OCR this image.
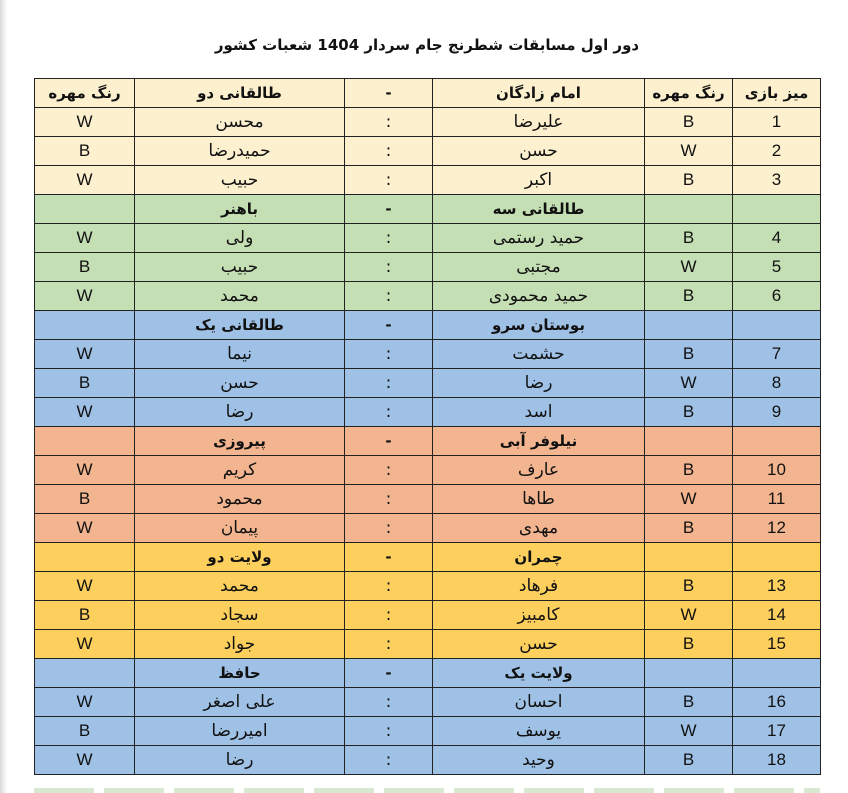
دور اول مسابقات شطرنج جام سردار 1404 شعبات کشور
رنگ مهره	طالقانی دو	-	امام زادگان	رنگ مهره	میز بازی
W	محسن	:	علیرضا	B	1
B	حمیدرضا	:	حسن	W	2
W	حبیب	:	اکبر	B	3
	باهنر	-	طالقانی سه		
W	ولی	:	حمید رستمی	B	4
B	حبیب	:	مجتبی	W	5
W	محمد	:	حمید محمودی	B	6
	طالقانی یک	-	بوستان سرو		
W	نیما	:	حشمت	B	7
B	حسن	:	رضا	W	8
W	رضا	:	اسد	B	9
	پیروزی	-	نیلوفر آبی		
W	کریم	:	عارف	B	10
B	محمود	:	طاها	W	11
W	پیمان	:	مهدی	B	12
	ولایت دو	-	چمران		
W	محمد	:	فرهاد	B	13
B	سجاد	:	کامبیز	W	14
W	جواد	:	حسن	B	15
	حافظ	-	ولایت یک		
W	علی اصغر	:	احسان	B	16
B	امیررضا	:	یوسف	W	17
W	رضا	:	وحید	B	18
